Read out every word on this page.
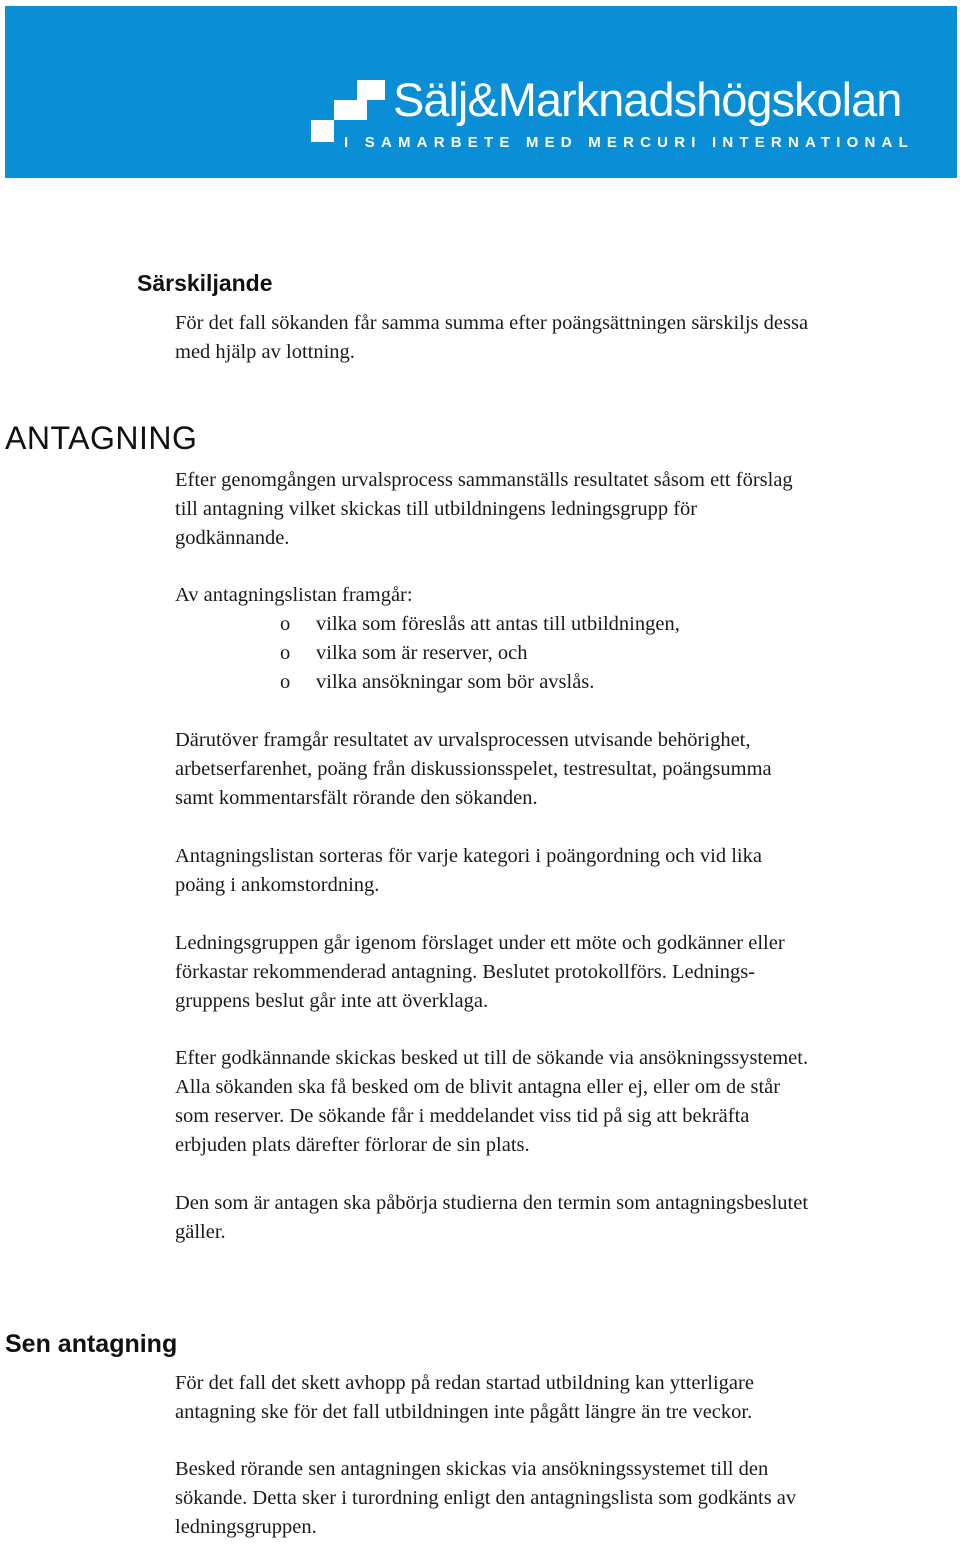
Sälj&Marknadshögskolan
I SAMARBETE MED MERCURI INTERNATIONAL
Särskiljande

För det fall sökanden får samma summa efter poängsättningen särskiljs dessa
med hjälp av lottning.

ANTAGNING

Efter genomgången urvalsprocess sammanställs resultatet såsom ett förslag
till antagning vilket skickas till utbildningens ledningsgrupp för
godkännande.

Av antagningslistan framgår:

o vilka som föreslås att antas till utbildningen,
o vilka som är reserver, och
o vilka ansökningar som bör avslås.

Därutöver framgår resultatet av urvalsprocessen utvisande behörighet,
arbetserfarenhet, poäng från diskussionsspelet, testresultat, poängsumma
samt kommentarsfält rörande den sökanden.

Antagningslistan sorteras för varje kategori i poängordning och vid lika
poäng i ankomstordning.

Ledningsgruppen går igenom förslaget under ett möte och godkänner eller
förkastar rekommenderad antagning. Beslutet protokollförs. Lednings-
gruppens beslut går inte att överklaga.

Efter godkännande skickas besked ut till de sökande via ansökningssystemet.
Alla sökanden ska få besked om de blivit antagna eller ej, eller om de står
som reserver. De sökande får i meddelandet viss tid på sig att bekräfta
erbjuden plats därefter förlorar de sin plats.

Den som är antagen ska påbörja studierna den termin som antagningsbeslutet
gäller.

Sen antagning

För det fall det skett avhopp på redan startad utbildning kan ytterligare
antagning ske för det fall utbildningen inte pågått längre än tre veckor.

Besked rörande sen antagningen skickas via ansökningssystemet till den
sökande. Detta sker i turordning enligt den antagningslista som godkänts av
ledningsgruppen.
